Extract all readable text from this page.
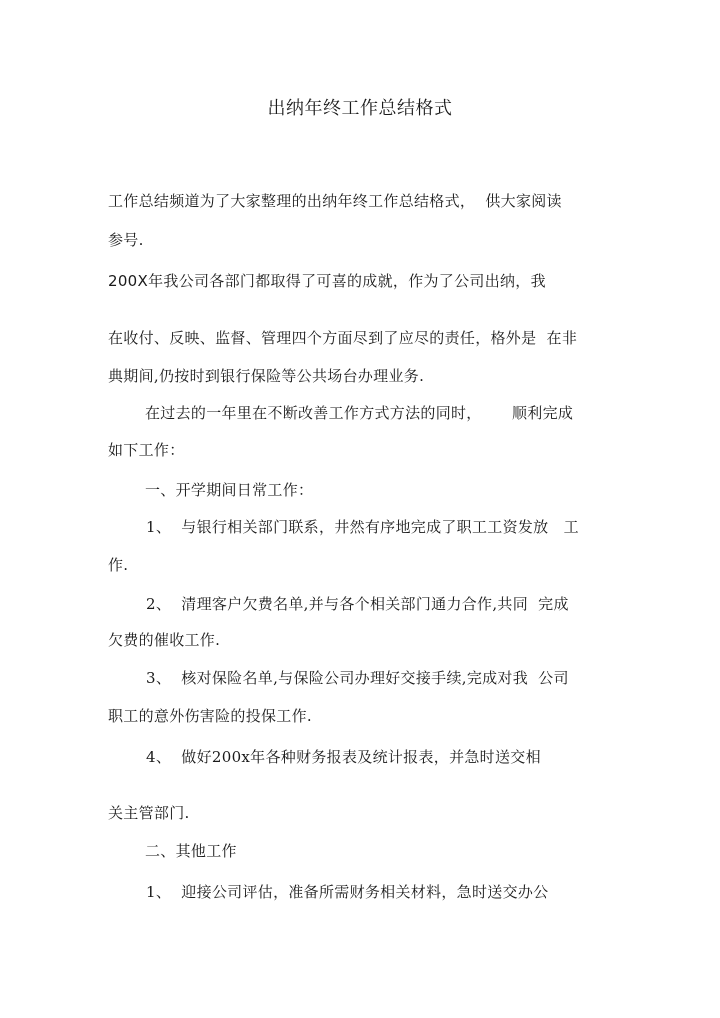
出纳年终工作总结格式
工作总结频道为了大家整理的出纳年终工作总结格式，  供大家阅读
参号.
200X年我公司各部门都取得了可喜的成就，作为了公司出纳，我
在收付、反映、监督、管理四个方面尽到了应尽的责任，格外是  在非
典期间,仍按时到银行保险等公共场台办理业务.
在过去的一年里在不断改善工作方式方法的同时，      顺利完成
如下工作：
一、开学期间日常工作：
1、  与银行相关部门联系，井然有序地完成了职工工资发放   工
作.
2、  清理客户欠费名单,并与各个相关部门通力合作,共同  完成
欠费的催收工作.
3、  核对保险名单,与保险公司办理好交接手续,完成对我  公司
职工的意外伤害险的投保工作.
4、  做好200x年各种财务报表及统计报表，并急时送交相
关主管部门.
二、其他工作
1、  迎接公司评估，准备所需财务相关材料，急时送交办公
